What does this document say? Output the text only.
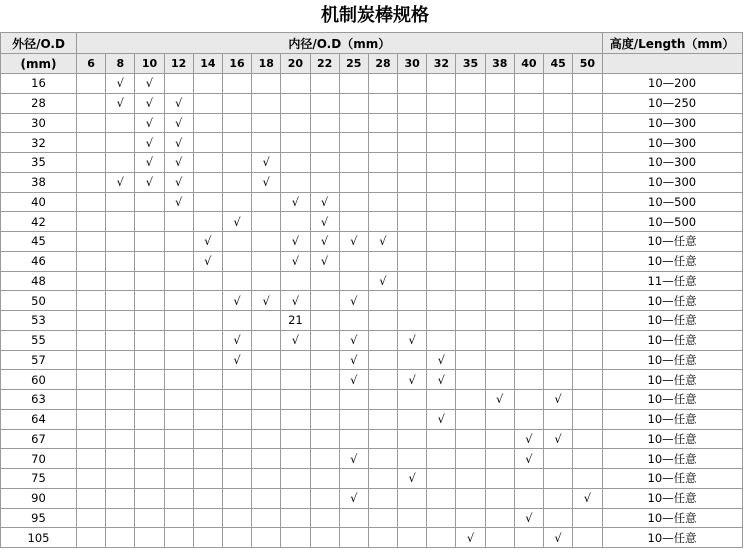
机制炭棒规格
外径/O.D	内径/O.D（mm）																		高度/Length（mm）
(mm)	6	8	10	12	14	16	18	20	22	25	28	30	32	35	38	40	45	50	
16		√	√																10—200
28		√	√	√															10—250
30			√	√															10—300
32			√	√															10—300
35			√	√			√												10—300
38		√	√	√			√												10—300
40				√				√	√										10—500
42						√			√										10—500
45					√			√	√	√	√								10—任意
46					√			√	√										10—任意
48											√								11—任意
50						√	√	√		√									10—任意
53								21											10—任意
55						√		√		√		√							10—任意
57						√				√			√						10—任意
60										√		√	√						10—任意
63															√		√		10—任意
64													√						10—任意
67																√	√		10—任意
70										√						√			10—任意
75												√							10—任意
90										√								√	10—任意
95																√			10—任意
105														√			√		10—任意
